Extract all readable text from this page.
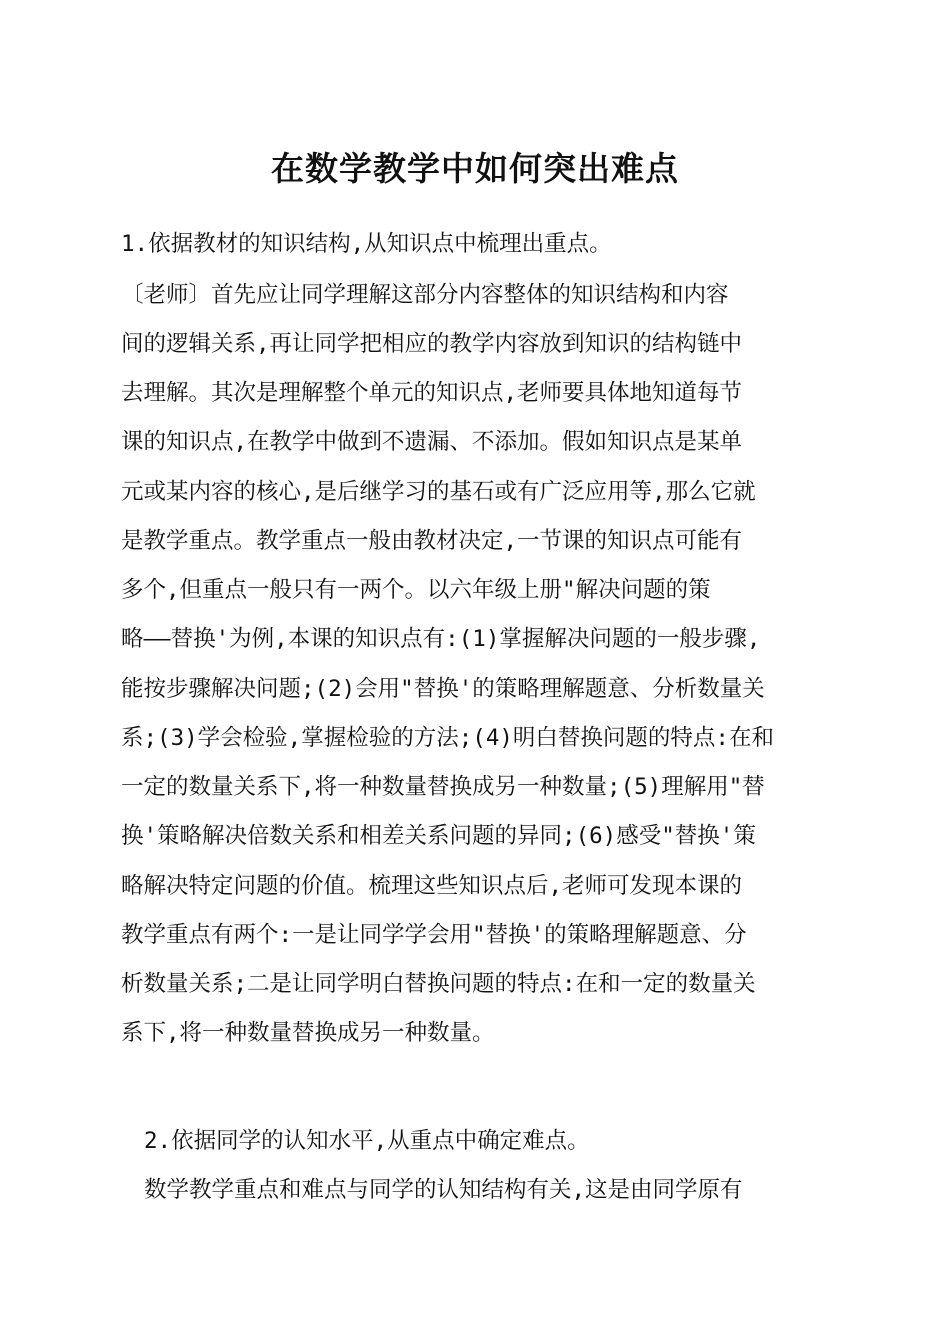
在数学教学中如何突出难点

1.依据教材的知识结构,从知识点中梳理出重点。

〔老师〕首先应让同学理解这部分内容整体的知识结构和内容

间的逻辑关系,再让同学把相应的教学内容放到知识的结构链中

去理解。其次是理解整个单元的知识点,老师要具体地知道每节

课的知识点,在教学中做到不遗漏、不添加。假如知识点是某单

元或某内容的核心,是后继学习的基石或有广泛应用等,那么它就

是教学重点。教学重点一般由教材决定,一节课的知识点可能有

多个,但重点一般只有一两个。以六年级上册"解决问题的策

略——替换'为例,本课的知识点有:(1)掌握解决问题的一般步骤,

能按步骤解决问题;(2)会用"替换'的策略理解题意、分析数量关

系;(3)学会检验,掌握检验的方法;(4)明白替换问题的特点:在和

一定的数量关系下,将一种数量替换成另一种数量;(5)理解用"替

换'策略解决倍数关系和相差关系问题的异同;(6)感受"替换'策

略解决特定问题的价值。梳理这些知识点后,老师可发现本课的

教学重点有两个:一是让同学学会用"替换'的策略理解题意、分

析数量关系;二是让同学明白替换问题的特点:在和一定的数量关

系下,将一种数量替换成另一种数量。

2.依据同学的认知水平,从重点中确定难点。

数学教学重点和难点与同学的认知结构有关,这是由同学原有
